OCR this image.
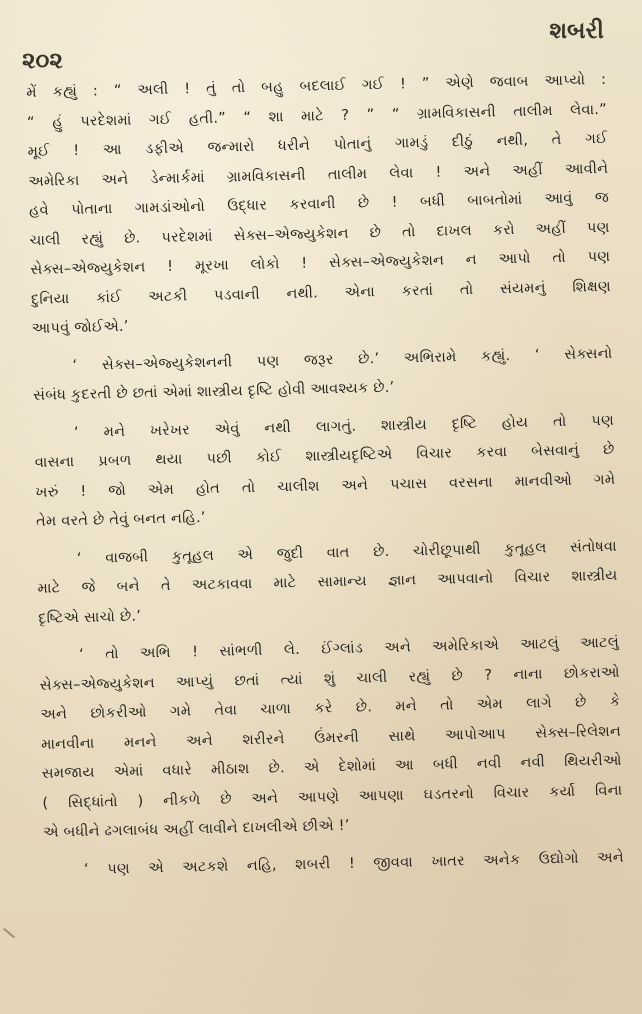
૨૦૨
શબરી
મેં કહ્યું : “ અલી ! તું તો બહુ બદલાઈ ગઈ ! ” એણે જવાબ આપ્યો :
“ હું પરદેશમાં ગઈ હતી.” “ શા માટે ? ” “ ગ્રામવિકાસની તાલીમ લેવા.”
મૂઈ ! આ ડફીએ જન્મારો ધરીને પોતાનું ગામડું દીઠું નથી, તે ગઈ
અમેરિકા અને ડેન્માર્કમાં ગ્રામવિકાસની તાલીમ લેવા ! અને અહીં આવીને
હવે પોતાના ગામડાંઓનો ઉદ્ધાર કરવાની છે ! બધી બાબતોમાં આવું જ
ચાલી રહ્યું છે. પરદેશમાં સેક્સ–એજ્યુકેશન છે તો દાખલ કરો અહીં પણ
સેક્સ–એજ્યુકેશન ! મૂરખા લોકો ! સેક્સ–એજ્યુકેશન ન આપો તો પણ
દુનિયા કાંઈ અટકી પડવાની નથી. એના કરતાં તો સંયમનું શિક્ષણ
આપવું જોઈએ.’
‘ સેક્સ–એજ્યુકેશનની પણ જરૂર છે.’ અભિરામે કહ્યું. ‘ સેક્સનો
સંબંધ કુદરતી છે છતાં એમાં શાસ્ત્રીય દૃષ્ટિ હોવી આવશ્યક છે.’
‘ મને ખરેખર એવું નથી લાગતું. શાસ્ત્રીય દૃષ્ટિ હોય તો પણ
વાસના પ્રબળ થયા પછી કોઈ શાસ્ત્રીયદૃષ્ટિએ વિચાર કરવા બેસવાનું છે
ખરું ! જો એમ હોત તો ચાલીશ અને પચાસ વરસના માનવીઓ ગમે
તેમ વરતે છે તેવું બનત નહિ.’
‘ વાજબી કુતૂહલ એ જુદી વાત છે. ચોરીછૂપાથી કુતૂહલ સંતોષવા
માટે જે બને તે અટકાવવા માટે સામાન્ય જ્ઞાન આપવાનો વિચાર શાસ્ત્રીય
દૃષ્ટિએ સાચો છે.’
‘ તો અભિ ! સાંભળી લે. ઈંગ્લાંડ અને અમેરિકાએ આટલું આટલું
સેક્સ–એજ્યુકેશન આપ્યું છતાં ત્યાં શું ચાલી રહ્યું છે ? નાના છોકરાઓ
અને છોકરીઓ ગમે તેવા ચાળા કરે છે. મને તો એમ લાગે છે કે
માનવીના મનને અને શરીરને ઉંમરની સાથે આપોઆપ સેક્સ–રિલેશન
સમજાય એમાં વધારે મીઠાશ છે. એ દેશોમાં આ બધી નવી નવી થિયરીઓ
( સિદ્ધાંતો ) નીકળે છે અને આપણે આપણા ઘડતરનો વિચાર કર્યા વિના
એ બધીને ઢગલાબંધ અહીં લાવીને દાખલીએ છીએ !’
‘ પણ એ અટકશે નહિ, શબરી ! જીવવા ખાતર અનેક ઉદ્યોગો અને
